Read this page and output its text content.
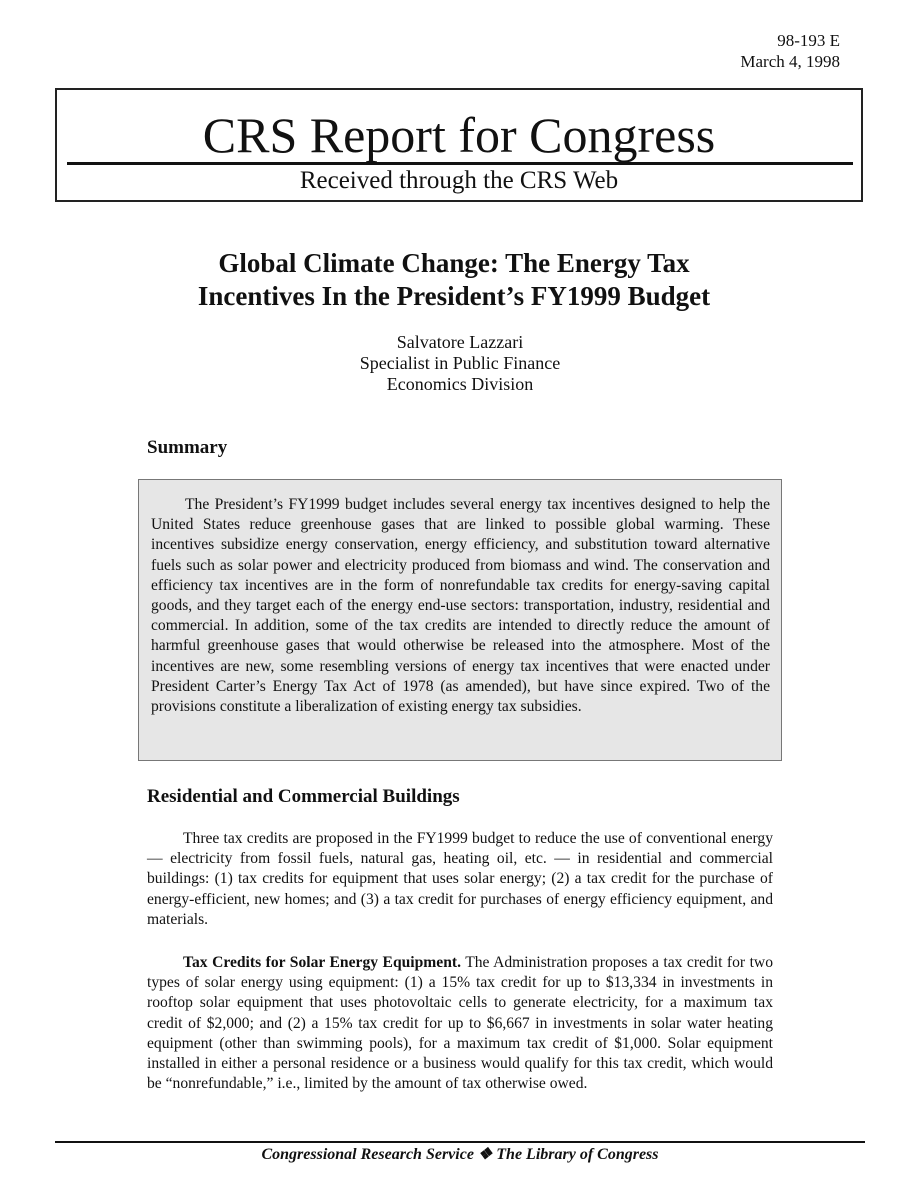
98-193 E
March 4, 1998
CRS Report for Congress
Received through the CRS Web
Global Climate Change: The Energy Tax
Incentives In the President’s FY1999 Budget
Salvatore Lazzari
Specialist in Public Finance
Economics Division
Summary

The President’s FY1999 budget includes several energy tax incentives designed to help the United States reduce greenhouse gases that are linked to possible global warming. These incentives subsidize energy conservation, energy efficiency, and substitution toward alternative fuels such as solar power and electricity produced from biomass and wind. The conservation and efficiency tax incentives are in the form of nonrefundable tax credits for energy-saving capital goods, and they target each of the energy end-use sectors: transportation, industry, residential and commercial. In addition, some of the tax credits are intended to directly reduce the amount of harmful greenhouse gases that would otherwise be released into the atmosphere. Most of the incentives are new, some resembling versions of energy tax incentives that were enacted under President Carter’s Energy Tax Act of 1978 (as amended), but have since expired. Two of the provisions constitute a liberalization of existing energy tax subsidies.

Residential and Commercial Buildings

Three tax credits are proposed in the FY1999 budget to reduce the use of conventional energy — electricity from fossil fuels, natural gas, heating oil, etc. — in residential and commercial buildings: (1) tax credits for equipment that uses solar energy; (2) a tax credit for the purchase of energy-efficient, new homes; and (3) a tax credit for purchases of energy efficiency equipment, and materials.

Tax Credits for Solar Energy Equipment. The Administration proposes a tax credit for two types of solar energy using equipment: (1) a 15% tax credit for up to $13,334 in investments in rooftop solar equipment that uses photovoltaic cells to generate electricity, for a maximum tax credit of $2,000; and (2) a 15% tax credit for up to $6,667 in investments in solar water heating equipment (other than swimming pools), for a maximum tax credit of $1,000. Solar equipment installed in either a personal residence or a business would qualify for this tax credit, which would be “nonrefundable,” i.e., limited by the amount of tax otherwise owed.

Congressional Research Service ❖ The Library of Congress
